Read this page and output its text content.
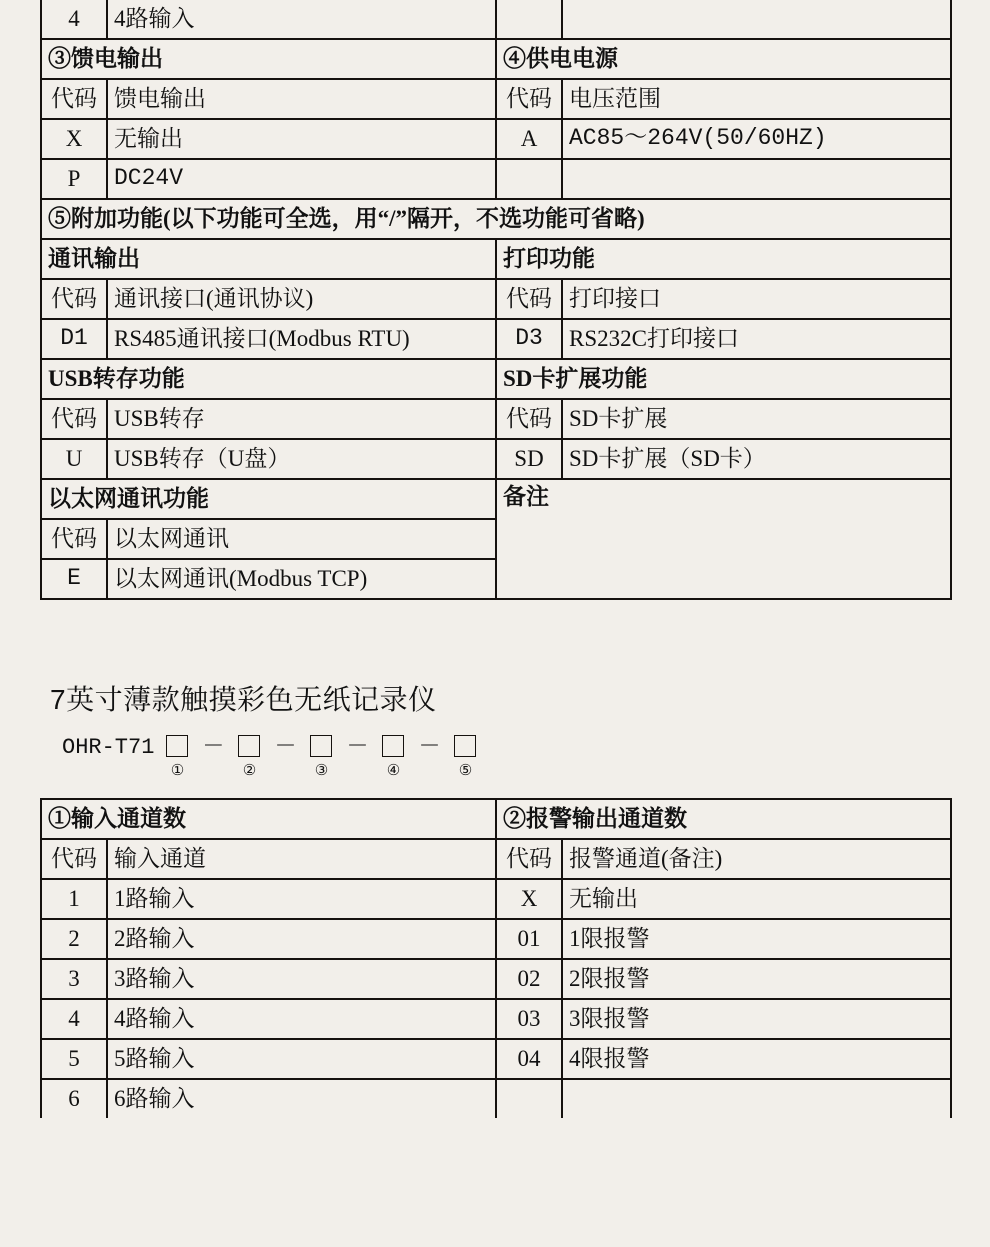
4	4路输入		
③馈电输出		④供电电源	
代码	馈电输出	代码	电压范围
X	无输出	A	AC85～264V(50/60HZ)
P	DC24V		
⑤附加功能(以下功能可全选，用“/”隔开，不选功能可省略)			
通讯输出		打印功能	
代码	通讯接口(通讯协议)	代码	打印接口
D1	RS485通讯接口(Modbus RTU)	D3	RS232C打印接口
USB转存功能		SD卡扩展功能	
代码	USB转存	代码	SD卡扩展
U	USB转存（U盘）	SD	SD卡扩展（SD卡）
以太网通讯功能		备注	
代码	以太网通讯		
E	以太网通讯(Modbus TCP)		
7英寸薄款触摸彩色无纸记录仪
OHR-T71
①
－
②
－
③
－
④
－
⑤
①输入通道数		②报警输出通道数	
代码	输入通道	代码	报警通道(备注)
1	1路输入	X	无输出
2	2路输入	01	1限报警
3	3路输入	02	2限报警
4	4路输入	03	3限报警
5	5路输入	04	4限报警
6	6路输入		
